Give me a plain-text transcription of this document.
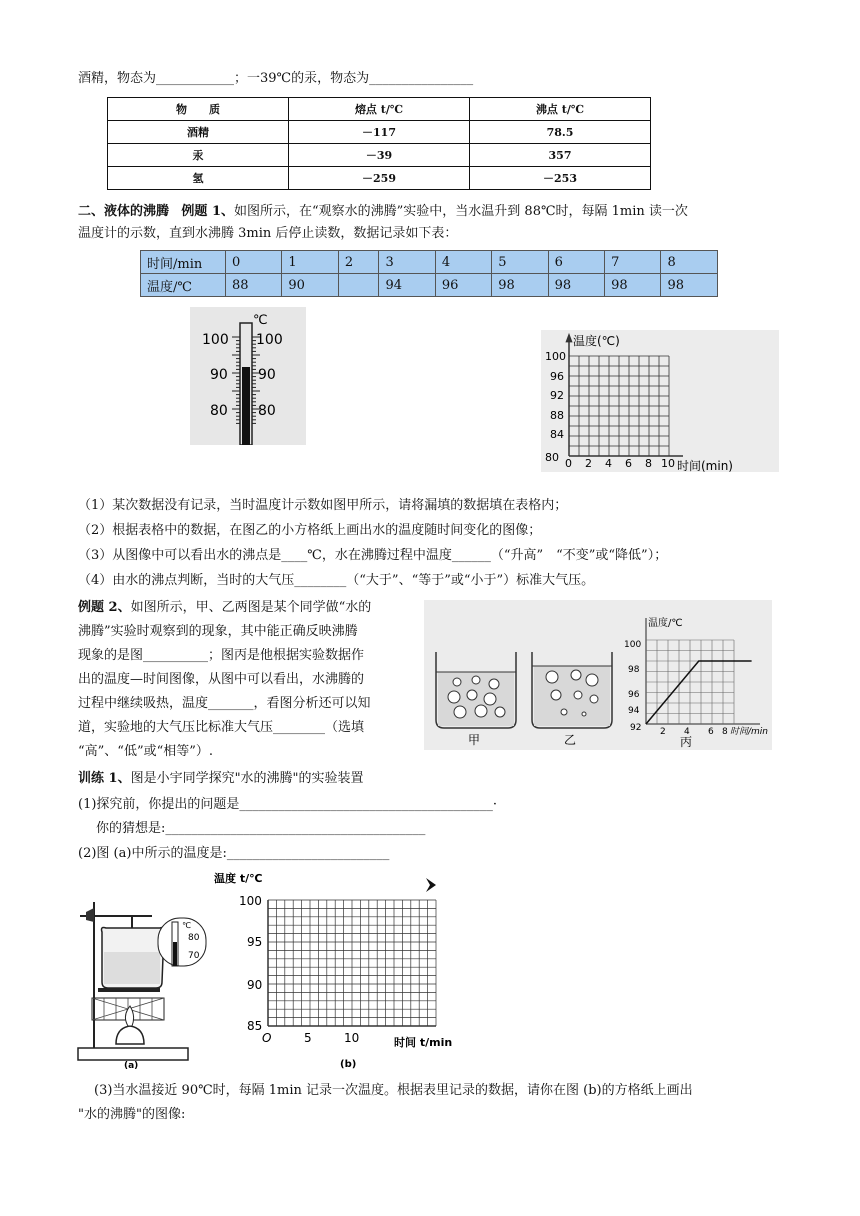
酒精，物态为____________；一39℃的汞，物态为________________
物　　质	熔点 t/℃	沸点 t/℃
酒精	－117	78.5
汞	－39	357
氢	－259	－253
二、液体的沸腾 例题 1、如图所示，在“观察水的沸腾”实验中，当水温升到 88℃时，每隔 1min 读一次
温度计的示数，直到水沸腾 3min 后停止读数，数据记录如下表：
时间/min	0	1	2	3	4	5	6	7	8
温度/℃	88	90		94	96	98	98	98	98
℃
100 100
90 90
80 80
温度(℃)
时间(min)
100
96
92
88
84
80 0 2 4 6 8 10
（1）某次数据没有记录，当时温度计示数如图甲所示，请将漏填的数据填在表格内；
（2）根据表格中的数据，在图乙的小方格纸上画出水的温度随时间变化的图像；
（3）从图像中可以看出水的沸点是____℃，水在沸腾过程中温度______（“升高”　“不变”或“降低”）；
（4）由水的沸点判断，当时的大气压________（“大于”、“等于”或“小于”）标准大气压。
例题 2、如图所示，甲、乙两图是某个同学做“水的
沸腾”实验时观察到的现象，其中能正确反映沸腾
现象的是图__________；图丙是他根据实验数据作
出的温度—时间图像，从图中可以看出，水沸腾的
过程中继续吸热，温度_______，看图分析还可以知
道，实验地的大气压比标准大气压________（选填
“高”、“低”或“相等”）.
甲	乙
温度/℃
100
98
96
94
92 2 4 6 8 时间/min
丙
训练 1、图是小宇同学探究"水的沸腾"的实验装置
(1)探究前，你提出的问题是_______________________________________·
你的猜想是:________________________________________
(2)图 (a)中所示的温度是:_________________________
℃
80
70
(a)
温度 t/℃
100
95
90
85
O	5	10	时间 t/min
(b)
(3)当水温接近 90℃时，每隔 1min 记录一次温度。根据表里记录的数据，请你在图 (b)的方格纸上画出
"水的沸腾"的图像:
